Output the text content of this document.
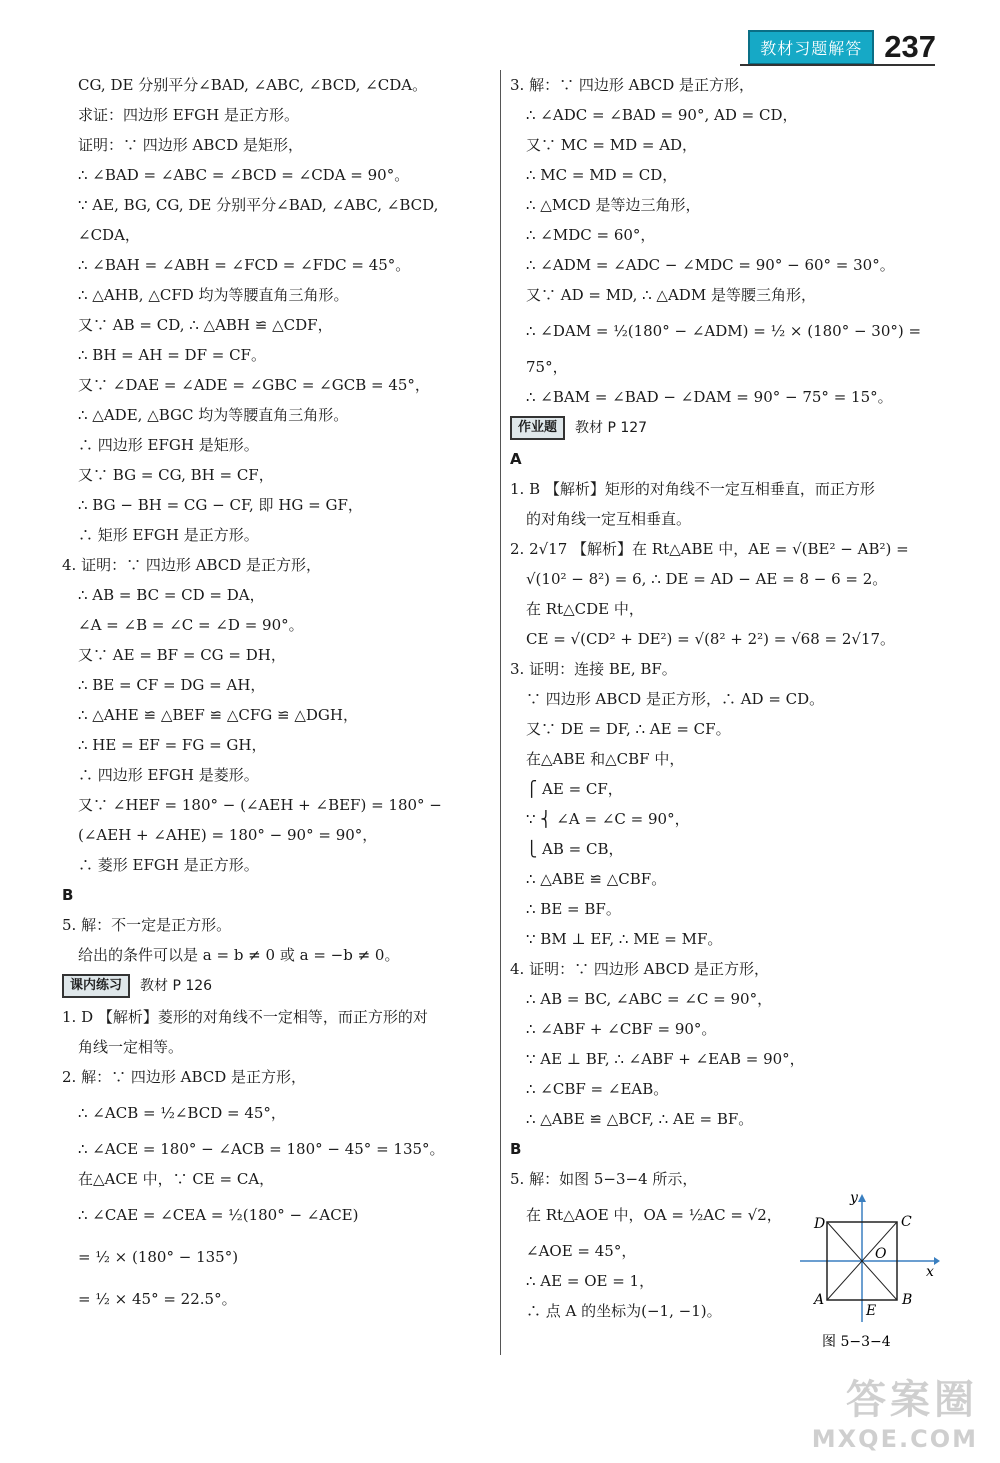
教材习题解答 237
CG, DE 分别平分∠BAD, ∠ABC, ∠BCD, ∠CDA。
求证：四边形 EFGH 是正方形。
证明：∵ 四边形 ABCD 是矩形，
∴ ∠BAD = ∠ABC = ∠BCD = ∠CDA = 90°。
∵ AE, BG, CG, DE 分别平分∠BAD, ∠ABC, ∠BCD,
∠CDA，
∴ ∠BAH = ∠ABH = ∠FCD = ∠FDC = 45°。
∴ △AHB, △CFD 均为等腰直角三角形。
又∵ AB = CD, ∴ △ABH ≌ △CDF，
∴ BH = AH = DF = CF。
又∵ ∠DAE = ∠ADE = ∠GBC = ∠GCB = 45°，
∴ △ADE, △BGC 均为等腰直角三角形。
∴ 四边形 EFGH 是矩形。
又∵ BG = CG, BH = CF，
∴ BG − BH = CG − CF, 即 HG = GF，
∴ 矩形 EFGH 是正方形。
4. 证明：∵ 四边形 ABCD 是正方形，
∴ AB = BC = CD = DA，
∠A = ∠B = ∠C = ∠D = 90°。
又∵ AE = BF = CG = DH，
∴ BE = CF = DG = AH，
∴ △AHE ≌ △BEF ≌ △CFG ≌ △DGH，
∴ HE = EF = FG = GH，
∴ 四边形 EFGH 是菱形。
又∵ ∠HEF = 180° − (∠AEH + ∠BEF) = 180° −
(∠AEH + ∠AHE) = 180° − 90° = 90°，
∴ 菱形 EFGH 是正方形。
B
5. 解：不一定是正方形。
给出的条件可以是 a = b ≠ 0 或 a = −b ≠ 0。
课内练习	教材 P 126
1. D 【解析】菱形的对角线不一定相等，而正方形的对
角线一定相等。
2. 解：∵ 四边形 ABCD 是正方形，
∴ ∠ACB = ½∠BCD = 45°，
∴ ∠ACE = 180° − ∠ACB = 180° − 45° = 135°。
在△ACE 中，∵ CE = CA，
∴ ∠CAE = ∠CEA = ½(180° − ∠ACE)
= ½ × (180° − 135°)
= ½ × 45° = 22.5°。
3. 解：∵ 四边形 ABCD 是正方形，
∴ ∠ADC = ∠BAD = 90°, AD = CD，
又∵ MC = MD = AD，
∴ MC = MD = CD，
∴ △MCD 是等边三角形，
∴ ∠MDC = 60°，
∴ ∠ADM = ∠ADC − ∠MDC = 90° − 60° = 30°。
又∵ AD = MD, ∴ △ADM 是等腰三角形，
∴ ∠DAM = ½(180° − ∠ADM) = ½ × (180° − 30°) =
75°，
∴ ∠BAM = ∠BAD − ∠DAM = 90° − 75° = 15°。
作业题	教材 P 127
A
1. B 【解析】矩形的对角线不一定互相垂直，而正方形
的对角线一定互相垂直。
2. 2√17 【解析】在 Rt△ABE 中，AE = √(BE² − AB²) =
√(10² − 8²) = 6, ∴ DE = AD − AE = 8 − 6 = 2。
在 Rt△CDE 中，
CE = √(CD² + DE²) = √(8² + 2²) = √68 = 2√17。
3. 证明：连接 BE, BF。
∵ 四边形 ABCD 是正方形，∴ AD = CD。
又∵ DE = DF, ∴ AE = CF。
在△ABE 和△CBF 中，
⎧ AE = CF，
∵ ⎨ ∠A = ∠C = 90°，
⎩ AB = CB，
∴ △ABE ≌ △CBF。
∴ BE = BF。
∵ BM ⊥ EF, ∴ ME = MF。
4. 证明：∵ 四边形 ABCD 是正方形，
∴ AB = BC, ∠ABC = ∠C = 90°，
∴ ∠ABF + ∠CBF = 90°。
∵ AE ⊥ BF, ∴ ∠ABF + ∠EAB = 90°，
∴ ∠CBF = ∠EAB。
∴ △ABE ≌ △BCF, ∴ AE = BF。
B
5. 解：如图 5−3−4 所示，
在 Rt△AOE 中，OA = ½AC = √2，
∠AOE = 45°，
∴ AE = OE = 1，
∴ 点 A 的坐标为(−1, −1)。
D	C
A	B
O
E
x
y
图 5−3−4
答案圈
MXQE.COM
